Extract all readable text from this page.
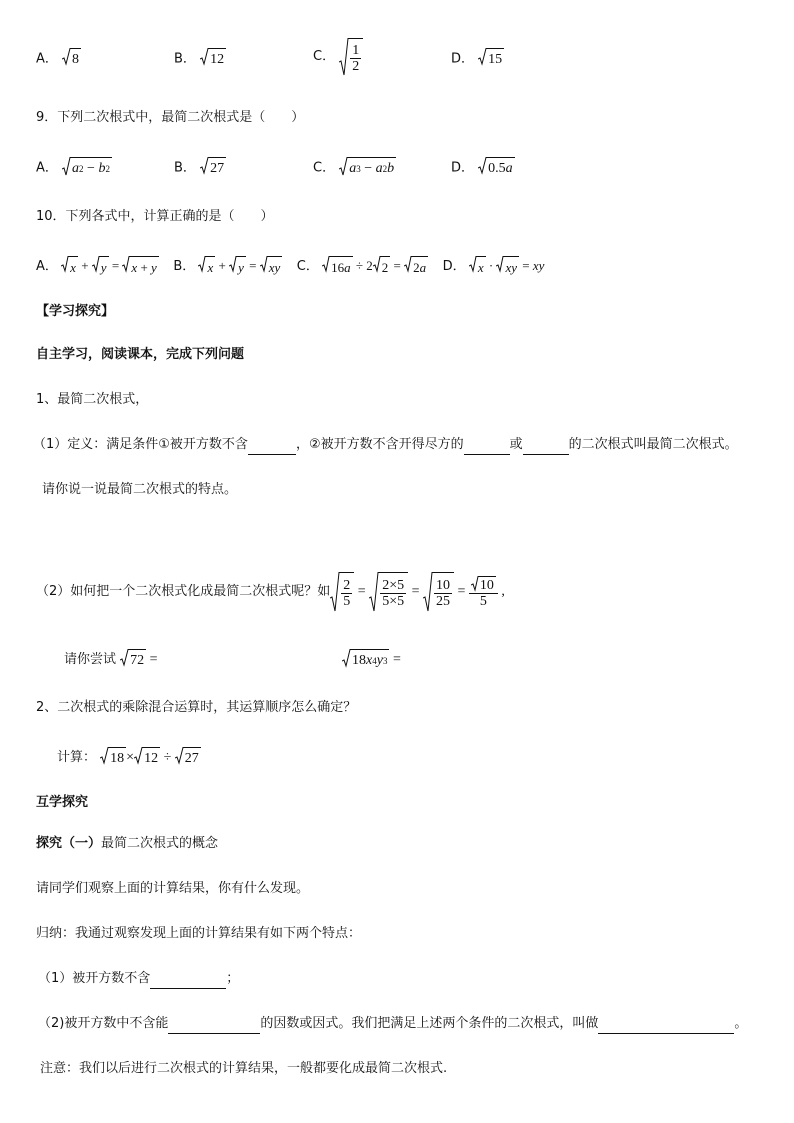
A． 8	B． 12	C． $\frac{1}{2}$	D． 15
9．下列二次根式中，最简二次根式是（　　）
A． a 2 − b 2	B． 27	C． a 3 − a 2 b	D． 0.5 a
10．下列各式中，计算正确的是（　　）
A． x + y = x + y B． x + y = xy C． 16 a ÷ 2 2 = 2 a D． x · xy = xy
【学习探究】
自主学习，阅读课本，完成下列问题
1、最简二次根式，
（1）定义：满足条件①被开方数不含	，②被开方数不含开得尽方的	或	的二次根式叫最简二次根式。
请你说一说最简二次根式的特点。
（2）如何把一个二次根式化成最简二次根式呢？如 $\frac{2}{5} = \frac{2\times 5}{5\times 5} = \frac{10}{25} = \frac{10}{5}$ ,
请你尝试 72 =	18 x 4 y 3 =
2、二次根式的乘除混合运算时，其运算顺序怎么确定？
计算： 18 × 12 ÷ 27
互学探究
探究（一）最简二次根式的概念
请同学们观察上面的计算结果，你有什么发现。
归纳：我通过观察发现上面的计算结果有如下两个特点：
（1）被开方数不含	；
（2)被开方数中不含能	的因数或因式。我们把满足上述两个条件的二次根式，叫做	。
注意：我们以后进行二次根式的计算结果，一般都要化成最简二次根式.
